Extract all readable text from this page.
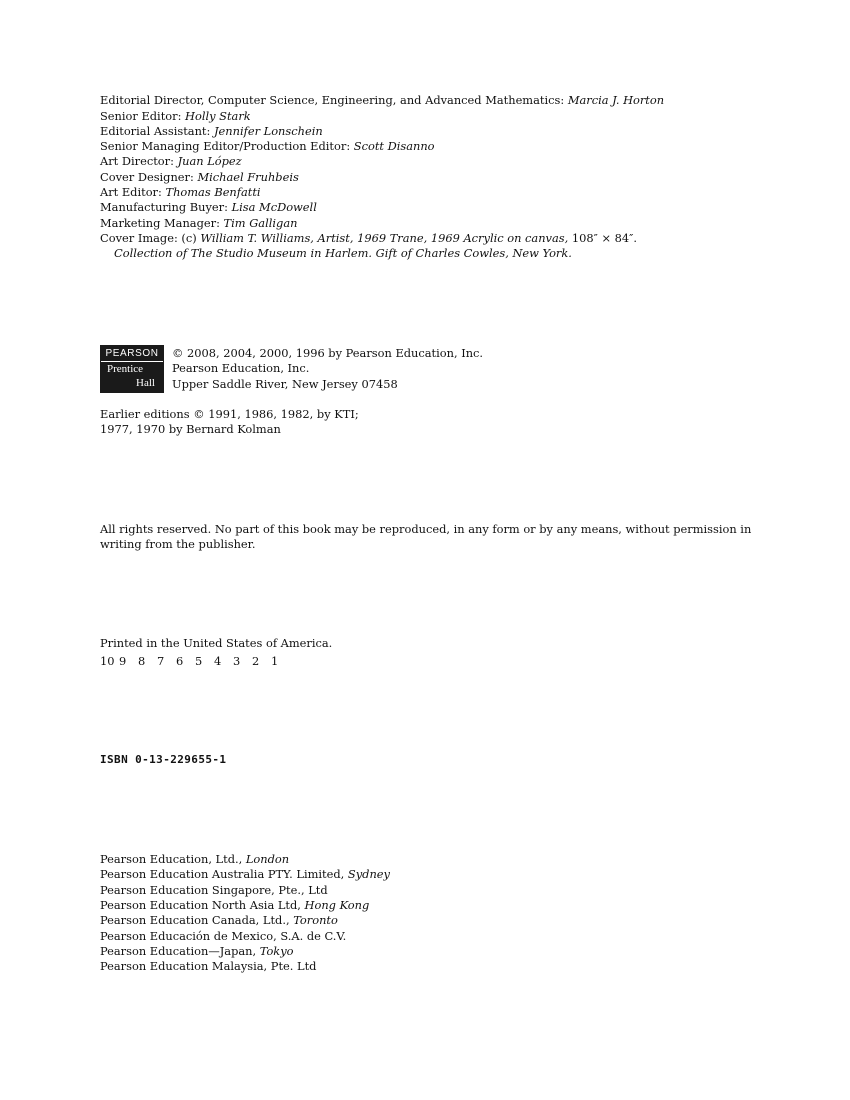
Editorial Director, Computer Science, Engineering, and Advanced Mathematics: Marcia J. Horton
Senior Editor: Holly Stark
Editorial Assistant: Jennifer Lonschein
Senior Managing Editor/Production Editor: Scott Disanno
Art Director: Juan López
Cover Designer: Michael Fruhbeis
Art Editor: Thomas Benfatti
Manufacturing Buyer: Lisa McDowell
Marketing Manager: Tim Galligan
Cover Image: (c) William T. Williams, Artist, 1969 Trane, 1969 Acrylic on canvas, 108″ × 84″.
Collection of The Studio Museum in Harlem. Gift of Charles Cowles, New York.
PEARSON
Prentice
Hall
© 2008, 2004, 2000, 1996 by Pearson Education, Inc.
Pearson Education, Inc.
Upper Saddle River, New Jersey 07458
Earlier editions © 1991, 1986, 1982, by KTI;
1977, 1970 by Bernard Kolman
All rights reserved. No part of this book may be reproduced, in any form or by any means, without permission in
writing from the publisher.
Printed in the United States of America.
10 9 8 7 6 5 4 3 2 1
ISBN 0-13-229655-1
Pearson Education, Ltd., London
Pearson Education Australia PTY. Limited, Sydney
Pearson Education Singapore, Pte., Ltd
Pearson Education North Asia Ltd, Hong Kong
Pearson Education Canada, Ltd., Toronto
Pearson Educación de Mexico, S.A. de C.V.
Pearson Education—Japan, Tokyo
Pearson Education Malaysia, Pte. Ltd
